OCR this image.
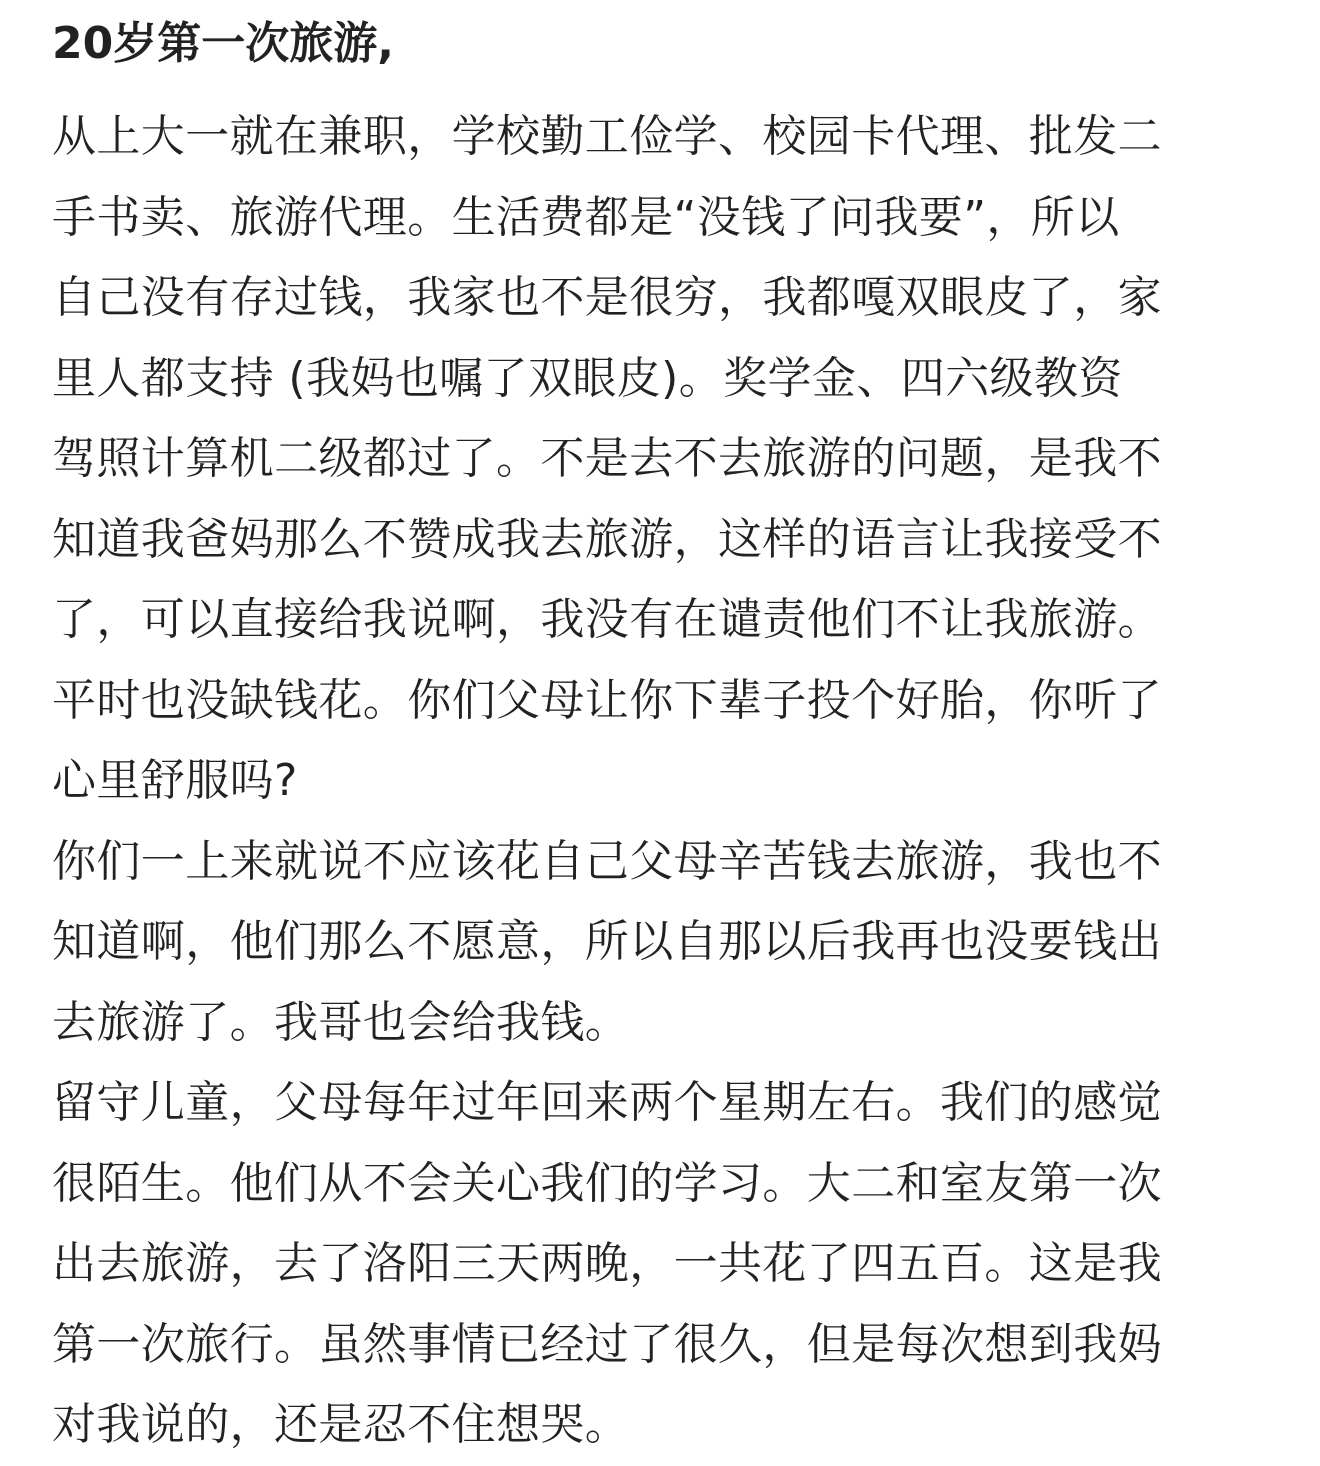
20岁第一次旅游,
从上大一就在兼职，学校勤工俭学、校园卡代理、批发二
手书卖、旅游代理。生活费都是“没钱了问我要”，所以
自己没有存过钱，我家也不是很穷，我都嘎双眼皮了，家
里人都支持 (我妈也嘱了双眼皮)。奖学金、四六级教资
驾照计算机二级都过了。不是去不去旅游的问题，是我不
知道我爸妈那么不赞成我去旅游，这样的语言让我接受不
了，可以直接给我说啊，我没有在谴责他们不让我旅游。
平时也没缺钱花。你们父母让你下辈子投个好胎，你听了
心里舒服吗?
你们一上来就说不应该花自己父母辛苦钱去旅游，我也不
知道啊，他们那么不愿意，所以自那以后我再也没要钱出
去旅游了。我哥也会给我钱。
留守儿童，父母每年过年回来两个星期左右。我们的感觉
很陌生。他们从不会关心我们的学习。大二和室友第一次
出去旅游，去了洛阳三天两晚，一共花了四五百。这是我
第一次旅行。虽然事情已经过了很久，但是每次想到我妈
对我说的，还是忍不住想哭。
